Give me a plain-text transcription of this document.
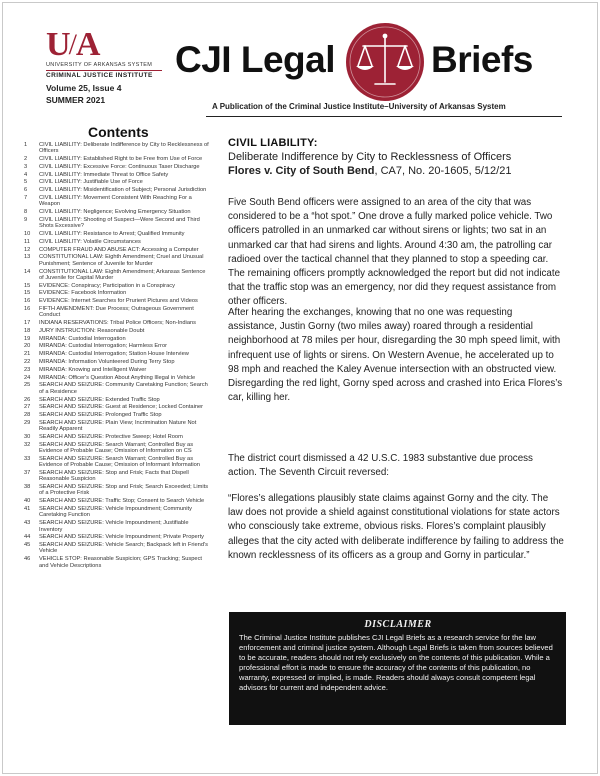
U / A
UNIVERSITY OF ARKANSAS SYSTEM
CRIMINAL JUSTICE INSTITUTE
Volume 25, Issue 4
SUMMER 2021
CJI Legal	Briefs
A Publication of the Criminal Justice Institute–University of Arkansas System
Contents
1	CIVIL LIABILITY: Deliberate Indifference by City to Recklessness of Officers
2	CIVIL LIABILITY: Established Right to be Free from Use of Force
3	CIVIL LIABILITY: Excessive Force: Continuous Taser Discharge
4	CIVIL LIABILITY: Immediate Threat to Office Safety
5	CIVIL LIABILITY: Justifiable Use of Force
6	CIVIL LIABILITY: Misidentification of Subject; Personal Jurisdiction
7	CIVIL LIABILITY: Movement Consistent With Reaching For a Weapon
8	CIVIL LIABILITY: Negligence; Evolving Emergency Situation
9	CIVIL LIABILITY: Shooting of Suspect—Were Second and Third Shots Excessive?
10	CIVIL LIABILITY: Resistance to Arrest; Qualified Immunity
11	CIVIL LIABILITY: Volatile Circumstances
12	COMPUTER FRAUD AND ABUSE ACT: Accessing a Computer
13	CONSTITUTIONAL LAW: Eighth Amendment; Cruel and Unusual Punishment; Sentence of Juvenile for Murder
14	CONSTITUTIONAL LAW: Eighth Amendment; Arkansas Sentence of Juvenile for Capital Murder
15	EVIDENCE: Conspiracy; Participation in a Conspiracy
15	EVIDENCE: Facebook Information
16	EVIDENCE: Internet Searches for Prurient Pictures and Videos
16	FIFTH AMENDMENT: Due Process; Outrageous Government Conduct
17	INDIANA RESERVATIONS: Tribal Police Officers; Non-Indians
18	JURY INSTRUCTION: Reasonable Doubt
19	MIRANDA: Custodial Interrogation
20	MIRANDA: Custodial Interrogation; Harmless Error
21	MIRANDA: Custodial Interrogation; Station House Interview
22	MIRANDA: Information Volunteered During Terry Stop
23	MIRANDA: Knowing and Intelligent Waiver
24	MIRANDA: Officer's Question About Anything Illegal in Vehicle
25	SEARCH AND SEIZURE: Community Caretaking Function; Search of a Residence
26	SEARCH AND SEIZURE: Extended Traffic Stop
27	SEARCH AND SEIZURE: Guest at Residence; Locked Container
28	SEARCH AND SEIZURE: Prolonged Traffic Stop
29	SEARCH AND SEIZURE: Plain View; Incrimination Nature Not Readily Apparent
30	SEARCH AND SEIZURE: Protective Sweep; Hotel Room
32	SEARCH AND SEIZURE: Search Warrant; Controlled Buy as Evidence of Probable Cause; Omission of Information on CS
33	SEARCH AND SEIZURE: Search Warrant; Controlled Buy as Evidence of Probable Cause; Omission of Informant Information
37	SEARCH AND SEIZURE: Stop and Frisk; Facts that Dispell Reasonable Suspicion
38	SEARCH AND SEIZURE: Stop and Frisk; Search Exceeded; Limits of a Protective Frisk
40	SEARCH AND SEIZURE: Traffic Stop; Consent to Search Vehicle
41	SEARCH AND SEIZURE: Vehicle Impoundment; Community Caretaking Function
43	SEARCH AND SEIZURE: Vehicle Impoundment; Justifiable Inventory
44	SEARCH AND SEIZURE: Vehicle Impoundment; Private Property
45	SEARCH AND SEIZURE: Vehicle Search; Backpack left in Friend's Vehicle
46	VEHICLE STOP: Reasonable Suspicion; GPS Tracking; Suspect and Vehicle Descriptions
CIVIL LIABILITY:
Deliberate Indifference by City to Recklessness of Officers
Flores v. City of South Bend, CA7, No. 20-1605, 5/12/21

Five South Bend officers were assigned to an area of the city that was considered to be a “hot spot.” One drove a fully marked police vehicle. Two officers patrolled in an unmarked car without sirens or lights; two sat in an unmarked car that had sirens and lights. Around 4:30 am, the patrolling car radioed over the tactical channel that they planned to stop a speeding car. The remaining officers promptly acknowledged the report but did not indicate that the traffic stop was an emergency, nor did they request assistance from other officers.

After hearing the exchanges, knowing that no one was requesting assistance, Justin Gorny (two miles away) roared through a residential neighborhood at 78 miles per hour, disregarding the 30 mph speed limit, with infrequent use of lights or sirens. On Western Avenue, he accelerated up to 98 mph and reached the Kaley Avenue intersection with an obstructed view. Disregarding the red light, Gorny sped across and crashed into Erica Flores’s car, killing her.

The district court dismissed a 42 U.S.C. 1983 substantive due process action. The Seventh Circuit reversed:

“Flores’s allegations plausibly state claims against Gorny and the city. The law does not provide a shield against constitutional violations for state actors who consciously take extreme, obvious risks. Flores’s complaint plausibly alleges that the city acted with deliberate indifference by failing to address the known recklessness of its officers as a group and Gorny in particular.”

DISCLAIMER
The Criminal Justice Institute publishes CJI Legal Briefs as a research service for the law enforcement and criminal justice system. Although Legal Briefs is taken from sources believed to be accurate, readers should not rely exclusively on the contents of this publication. While a professional effort is made to ensure the accuracy of the contents of this publication, no warranty, expressed or implied, is made. Readers should always consult competent legal advisors for current and independent advice.
